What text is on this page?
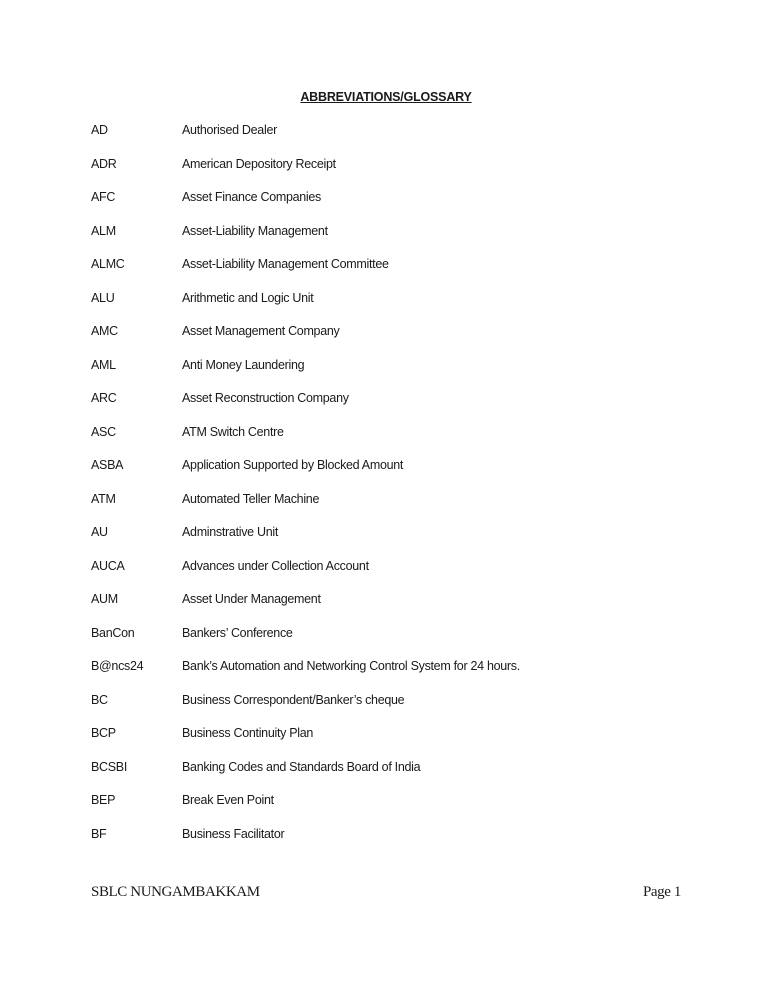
ABBREVIATIONS/GLOSSARY
AD	Authorised Dealer
ADR	American Depository Receipt
AFC	Asset Finance Companies
ALM	Asset-Liability Management
ALMC	Asset-Liability Management Committee
ALU	Arithmetic and Logic Unit
AMC	Asset Management Company
AML	Anti Money Laundering
ARC	Asset Reconstruction Company
ASC	ATM Switch Centre
ASBA	Application Supported by Blocked Amount
ATM	Automated Teller Machine
AU	Adminstrative Unit
AUCA	Advances under Collection Account
AUM	Asset Under Management
BanCon	Bankers’ Conference
B@ncs24	Bank’s Automation and Networking Control System for 24 hours.
BC	Business Correspondent/Banker’s cheque
BCP	Business Continuity Plan
BCSBI	Banking Codes and Standards Board of India
BEP	Break Even Point
BF	Business Facilitator
SBLC NUNGAMBAKKAM	Page 1
